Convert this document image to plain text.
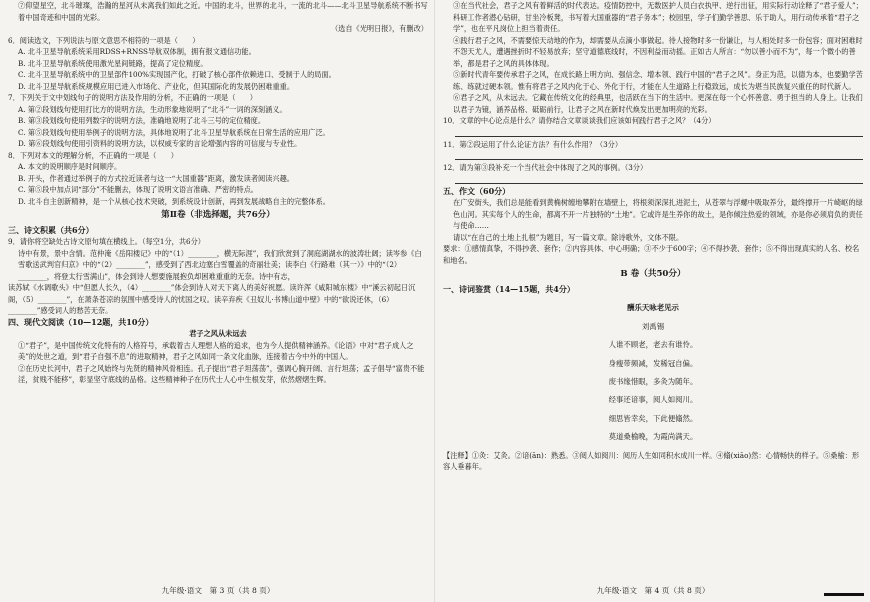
⑦仰望星空，北斗璀璨，浩瀚的星河从未离我们如此之近。中国的北斗，世界的北斗，一流的北斗——北斗卫星导航系统不断书写着中国奇迹和中国的光彩。

（选自《光明日报》，有删改）

6．阅读选文，下列说法与原文意思不相符的一项是（　　）

A. 北斗卫星导航系统采用RDSS+RNSS导航双体制，拥有报文通信功能。

B. 北斗卫星导航系统使用激光星间链路，提高了定位精度。

C. 北斗卫星导航系统中的卫星部件100%实现国产化，打破了核心部件依赖进口、受制于人的局面。

D. 北斗卫星导航系统规模应用已进入市场化、产业化，但其国际化的发展仍困难重重。

7．下列关于文中划线句子的说明方法及作用的分析，不正确的一项是（　　）

A. 第②段划线句使用打比方的说明方法，生动形象地说明了“北斗”一词的深刻涵义。

B. 第③段划线句使用列数字的说明方法，准确地说明了北斗三号的定位精度。

C. 第⑤段划线句使用举例子的说明方法，具体地说明了北斗卫星导航系统在日常生活的应用广泛。

D. 第⑥段划线句使用引资料的说明方法，以权威专家的言论增强内容的可信度与专业性。

8．下列对本文的理解分析，不正确的一项是（　　）

A. 本文的说明顺序是时间顺序。

B. 开头，作者通过举例子的方式拉近读者与这一“大国重器”距离，激发读者阅读兴趣。

C. 第⑤段中加点词“部分”不能删去，体现了说明文语言准确、严密的特点。

D. 北斗自主创新精神，是一个从核心技术突破，到系统设计创新，再到发展战略自主的完整体系。

第Ⅱ卷（非选择题，共76分）

三、诗文积累（共6分）

9．请你将空缺处古诗文原句填在横线上。（每空1分，共6分）

诗中有景，景中含情。范仲淹《岳阳楼记》中的“（1）________，横无际涯”，我们欣赏到了洞庭湖湖水的波涛壮阔；读岑参《白雪歌送武判官归京》中的“（2）________”，感受到了西北边塞白雪覆盖的奇丽壮美；读李白《行路难（其一）》中的“（2）________，将登太行雪满山”，体会到诗人想要施展抱负却困难重重的无奈。诗中有志，

读苏轼《水调歌头》中“但愿人长久，（4）________”体会到诗人对天下离人的美好祝愿。读许浑《咸阳城东楼》中“溪云初起日沉阁，（5）________”，在萧条苍凉的氛围中感受诗人的忧国之叹。读辛弃疾《丑奴儿·书博山道中壁》中的“欲说还休，（6）________”感受词人的愁苦无奈。

四、现代文阅读（10—12题，共10分）

君子之风从未远去

①“君子”，是中国传统文化特有的人格符号，承载着古人理想人格的追求，也为今人提供精神涵养。《论语》中对“君子成人之美”的处世之道，到“君子自强不息”的进取精神，君子之风如同一条文化血脉，连接着古今中外的中国人。

②在历史长河中，君子之风始终与先贤的精神风骨相连。孔子提出“君子坦荡荡”，强调心胸开阔、言行坦荡；孟子倡导“富贵不能淫，贫贱不能移”，彰显坚守底线的品格。这些精神种子在历代士人心中生根发芽，依然熠熠生辉。

九年级·语文　第 3 页（共 8 页）

③在当代社会，君子之风有着鲜活的时代表达。疫情防控中，无数医护人员白衣执甲、逆行出征，用实际行动诠释了“君子爱人”；科研工作者潜心钻研，甘坐冷板凳，书写着大国重器的“君子务本”；校园里，学子们勤学善思、乐于助人，用行动传承着“君子之学”，也在平凡岗位上担当着责任。

④践行君子之风，不需要惊天动地的作为，却需要从点滴小事做起。待人接物时多一份谦让，与人相处时多一份包容；面对困难时不怨天尤人，遭遇挫折时不轻易放弃；坚守道德底线时，不因利益而动摇。正如古人所言：“勿以善小而不为”，每一个微小的善举，都是君子之风的具体体现。

⑤新时代青年要传承君子之风，在成长路上明方向、强信念、增本领、践行中国的“君子之风”。身正为范，以德为本，也要勤学苦练、练就过硬本领。惟有将君子之风内化于心、外化于行，才能在人生道路上行稳致远，成长为堪当民族复兴重任的时代新人。

⑥君子之风，从未远去。它藏在传统文化的经典里，也活跃在当下的生活中。更深在每一个心怀善意、勇于担当的人身上。让我们以君子为镜，涵养品格、砥砺前行，让君子之风在新时代焕发出更加明亮的光彩。

10．文章的中心论点是什么？请你结合文章谈谈我们应该如何践行君子之风？（4分）

11．第②段运用了什么论证方法？有什么作用？（3分）

12．请为第③段补充一个当代社会中体现了之风的事例。（3分）

五、作文（60分）

在广安街头，我们总是能看到黄桷树缠地攀附在墙壁上，将根须深深扎进泥土，从苍翠与浮螺中吸取养分，最终撑开一片崎岖的绿色山河。其实每个人的生命，都离不开一片独特的“土地”。它或许是生养你的故土，是你倾注热爱的领域，亦是你必须肩负的责任与使命……

请以“在自己的土地上扎根”为题目，写一篇文章。除诗歌外，文体不限。

要求：①感情真挚，不得抄袭、套作；②内容具体、中心明确；③不少于600字；④不得抄袭、套作；⑤不得出现真实的人名、校名和地名。

B 卷（共50分）

一、诗词鉴赏（14—15题，共4分）

酬乐天咏老见示

刘禹锡

人谁不顾老，老去有谁怜。

身瘦带频减，发稀冠自偏。

废书缘惜眼，多灸为随年。

经事还谙事，阅人如阅川。

细思皆幸矣，下此便翛然。

莫道桑榆晚，为霞尚满天。

【注释】①灸：艾灸。②谙(ān)：熟悉。③阅人如阅川：阅历人生如同积水成川一样。④翛(xiāo)然：心情畅快的样子。⑤桑榆：形容人垂暮年。

九年级·语文　第 4 页（共 8 页）
